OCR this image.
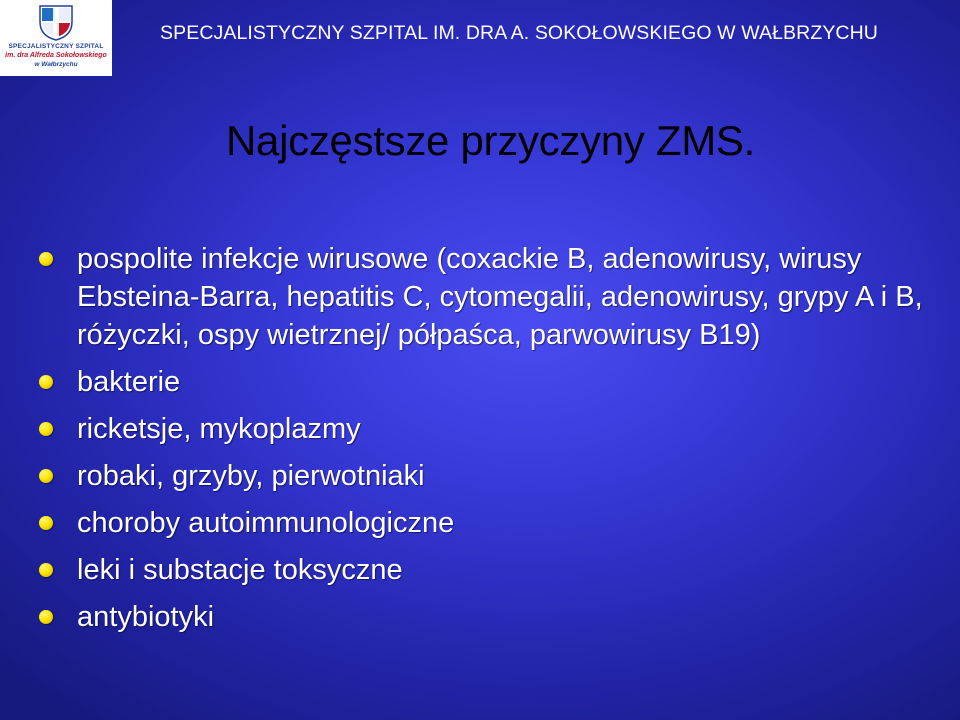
SPECJALISTYCZNY SZPITAL
im. dra Alfreda Sokołowskiego
w Wałbrzychu
SPECJALISTYCZNY SZPITAL IM. DRA A. SOKOŁOWSKIEGO W WAŁBRZYCHU
Najczęstsze przyczyny ZMS.
pospolite infekcje wirusowe (coxackie B, adenowirusy, wirusy Ebsteina-Barra, hepatitis C, cytomegalii, adenowirusy, grypy A i B, różyczki, ospy wietrznej/ półpaśca, parwowirusy B19)
bakterie
ricketsje, mykoplazmy
robaki, grzyby, pierwotniaki
choroby autoimmunologiczne
leki i substacje toksyczne
antybiotyki
